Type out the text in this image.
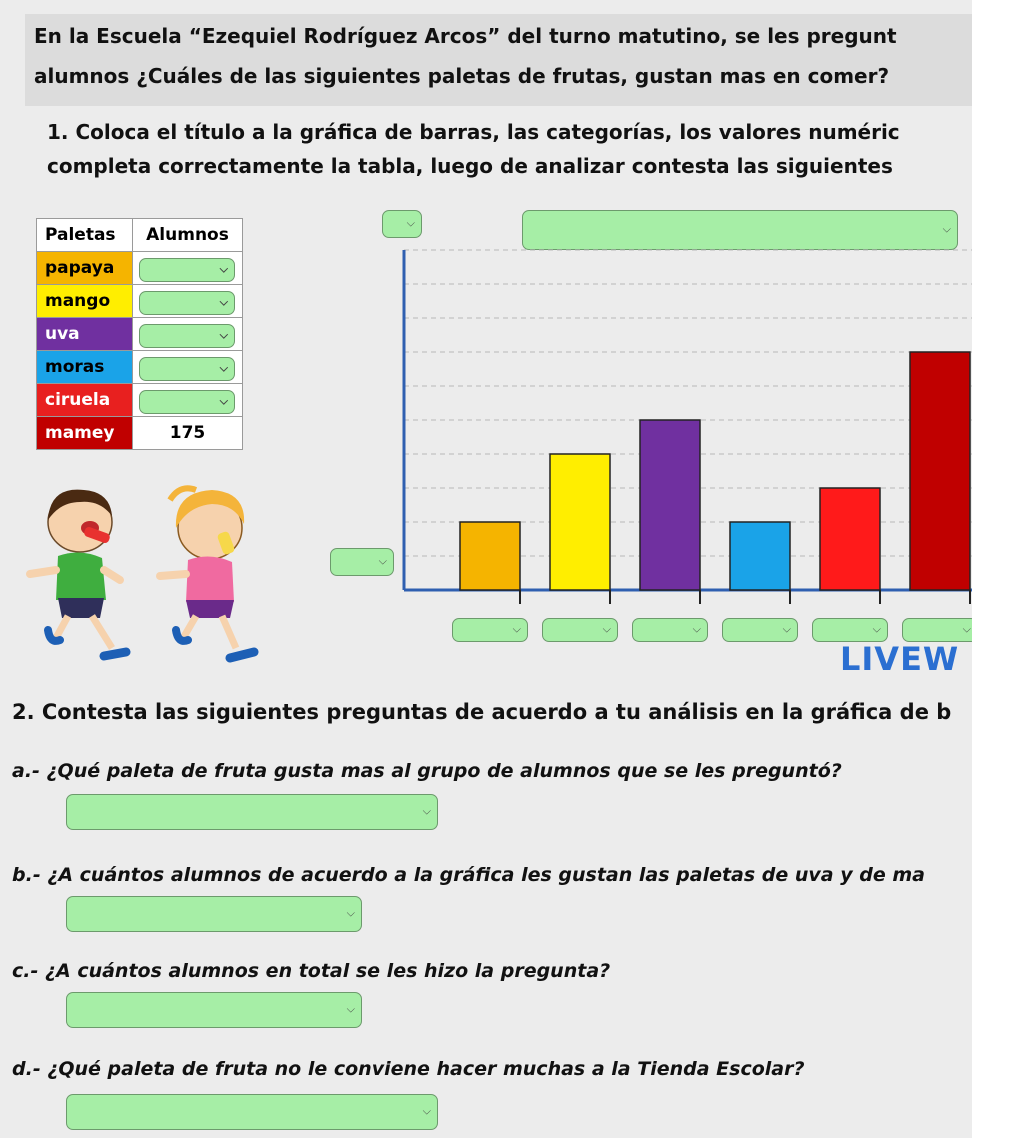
En la Escuela “Ezequiel Rodríguez Arcos” del turno matutino, se les pregunt
alumnos ¿Cuáles de las siguientes paletas de frutas, gustan mas en comer?
1. Coloca el título a la gráfica de barras, las categorías, los valores numéric
completa correctamente la tabla, luego de analizar contesta las siguientes
Paletas	Alumnos
papaya	⌵

mango	⌵

uva	⌵

moras	⌵

ciruela	⌵

mamey	175
⌵	⌵
⌵
⌵	⌵	⌵	⌵	⌵	⌵
LIVEW
2. Contesta las siguientes preguntas de acuerdo a tu análisis en la gráfica de b
a.- ¿Qué paleta de fruta gusta mas al grupo de alumnos que se les preguntó?
⌵
b.- ¿A cuántos alumnos de acuerdo a la gráfica les gustan las paletas de uva y de ma
⌵
c.- ¿A cuántos alumnos en total se les hizo la pregunta?
⌵
d.- ¿Qué paleta de fruta no le conviene hacer muchas a la Tienda Escolar?
⌵
